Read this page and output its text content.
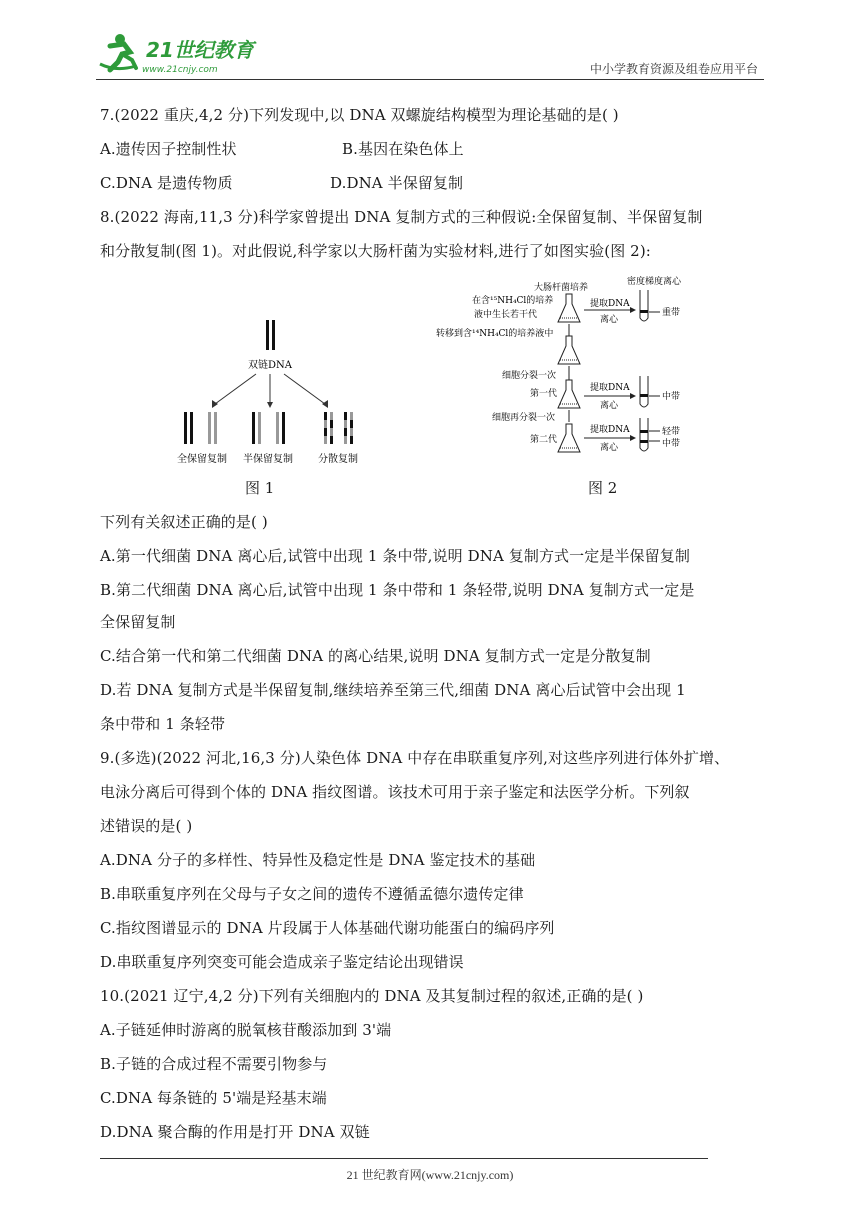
21世纪教育
www.21cnjy.com	中小学教育资源及组卷应用平台
7.(2022 重庆,4,2 分)下列发现中,以 DNA 双螺旋结构模型为理论基础的是( )
A.遗传因子控制性状	B.基因在染色体上
C.DNA 是遗传物质	D.DNA 半保留复制
8.(2022 海南,11,3 分)科学家曾提出 DNA 复制方式的三种假说:全保留复制、半保留复制
和分散复制(图 1)。对此假说,科学家以大肠杆菌为实验材料,进行了如图实验(图 2):
双链DNA
全保留复制 半保留复制	分散复制
图 1
大肠杆菌培养
密度梯度离心
在含¹⁵NH₄Cl的培养
液中生长若干代
转移到含¹⁴NH₄Cl的培养液中
提取DNA
离心
重带
细胞分裂一次
第一代
提取DNA
离心
中带
细胞再分裂一次
第二代
提取DNA
离心
轻带
中带
图 2
下列有关叙述正确的是( )
A.第一代细菌 DNA 离心后,试管中出现 1 条中带,说明 DNA 复制方式一定是半保留复制
B.第二代细菌 DNA 离心后,试管中出现 1 条中带和 1 条轻带,说明 DNA 复制方式一定是
全保留复制
C.结合第一代和第二代细菌 DNA 的离心结果,说明 DNA 复制方式一定是分散复制
D.若 DNA 复制方式是半保留复制,继续培养至第三代,细菌 DNA 离心后试管中会出现 1
条中带和 1 条轻带
9.(多选)(2022 河北,16,3 分)人染色体 DNA 中存在串联重复序列,对这些序列进行体外扩增、
电泳分离后可得到个体的 DNA 指纹图谱。该技术可用于亲子鉴定和法医学分析。下列叙
述错误的是( )
A.DNA 分子的多样性、特异性及稳定性是 DNA 鉴定技术的基础
B.串联重复序列在父母与子女之间的遗传不遵循孟德尔遗传定律
C.指纹图谱显示的 DNA 片段属于人体基础代谢功能蛋白的编码序列
D.串联重复序列突变可能会造成亲子鉴定结论出现错误
10.(2021 辽宁,4,2 分)下列有关细胞内的 DNA 及其复制过程的叙述,正确的是( )
A.子链延伸时游离的脱氧核苷酸添加到 3'端
B.子链的合成过程不需要引物参与
C.DNA 每条链的 5'端是羟基末端
D.DNA 聚合酶的作用是打开 DNA 双链
21 世纪教育网(www.21cnjy.com)
